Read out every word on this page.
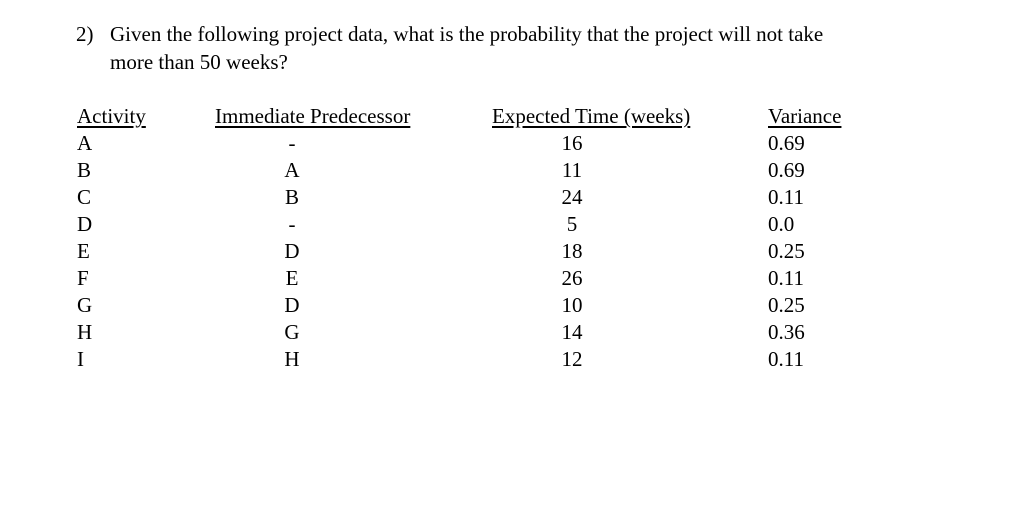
2) Given the following project data, what is the probability that the project will not take
more than 50 weeks?
Activity	Immediate Predecessor	Expected Time (weeks)	Variance
A	-	16	0.69
B	A	11	0.69
C	B	24	0.11
D	-	5	0.0
E	D	18	0.25
F	E	26	0.11
G	D	10	0.25
H	G	14	0.36
I	H	12	0.11
